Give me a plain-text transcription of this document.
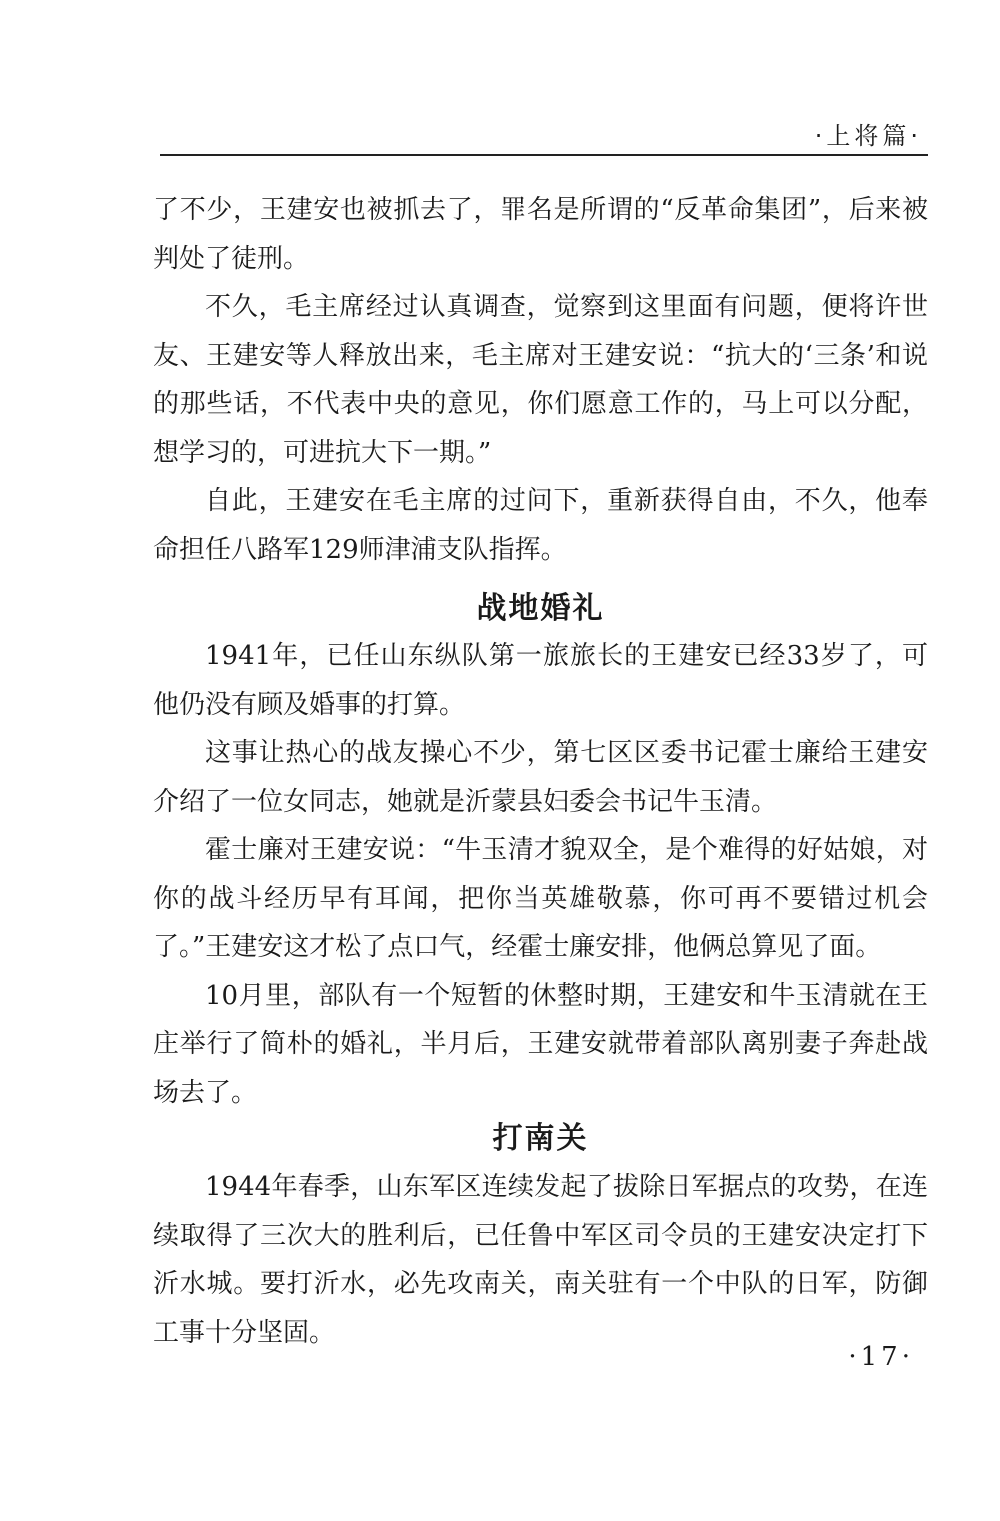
·上将篇·

了不少，王建安也被抓去了，罪名是所谓的“反革命集团”，后来被判处了徒刑。

不久，毛主席经过认真调查，觉察到这里面有问题，便将许世友、王建安等人释放出来，毛主席对王建安说：“抗大的‘三条’和说的那些话，不代表中央的意见，你们愿意工作的，马上可以分配，想学习的，可进抗大下一期。”

自此，王建安在毛主席的过问下，重新获得自由，不久，他奉命担任八路军129师津浦支队指挥。

战地婚礼

1941年，已任山东纵队第一旅旅长的王建安已经33岁了，可他仍没有顾及婚事的打算。

这事让热心的战友操心不少，第七区区委书记霍士廉给王建安介绍了一位女同志，她就是沂蒙县妇委会书记牛玉清。

霍士廉对王建安说：“牛玉清才貌双全，是个难得的好姑娘，对你的战斗经历早有耳闻，把你当英雄敬慕，你可再不要错过机会了。”王建安这才松了点口气，经霍士廉安排，他俩总算见了面。

10月里，部队有一个短暂的休整时期，王建安和牛玉清就在王庄举行了简朴的婚礼，半月后，王建安就带着部队离别妻子奔赴战场去了。

打南关

1944年春季，山东军区连续发起了拔除日军据点的攻势，在连续取得了三次大的胜利后，已任鲁中军区司令员的王建安决定打下沂水城。要打沂水，必先攻南关，南关驻有一个中队的日军，防御工事十分坚固。

·17·
